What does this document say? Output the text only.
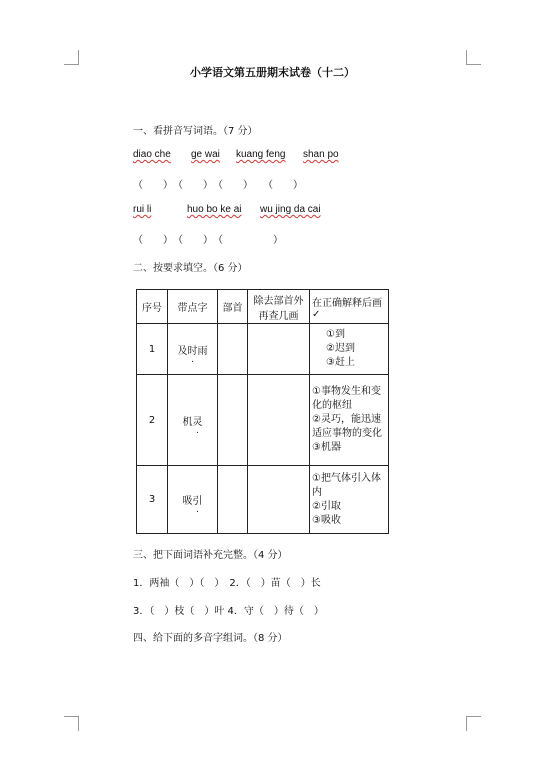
小学语文第五册期末试卷（十二）
一、看拼音写词语。（7 分）
diao che ge wai kuang feng shan po
（　　）　（　　）　（　　）　　（　　）
rui li	huo bo ke ai wu jing da cai
（　　）　（　　）　（　　　　　）
二、按要求填空。（6 分）
序号	带点字	部首	除去部首外再查几画	在正确解释后画✓
1	及时雨			①到
②迟到
③赶上

2	机灵			①事物发生和变化的枢纽
②灵巧，能迅速适应事物的变化
③机器

3	吸引			①把气体引入体内
②引取
③吸收
三、把下面词语补充完整。（4 分）
1．两袖（　）（　）　2．（　）苗（　）长
3．（　）枝（　）叶 4．守（　）待（　）
四、给下面的多音字组词。（8 分）
